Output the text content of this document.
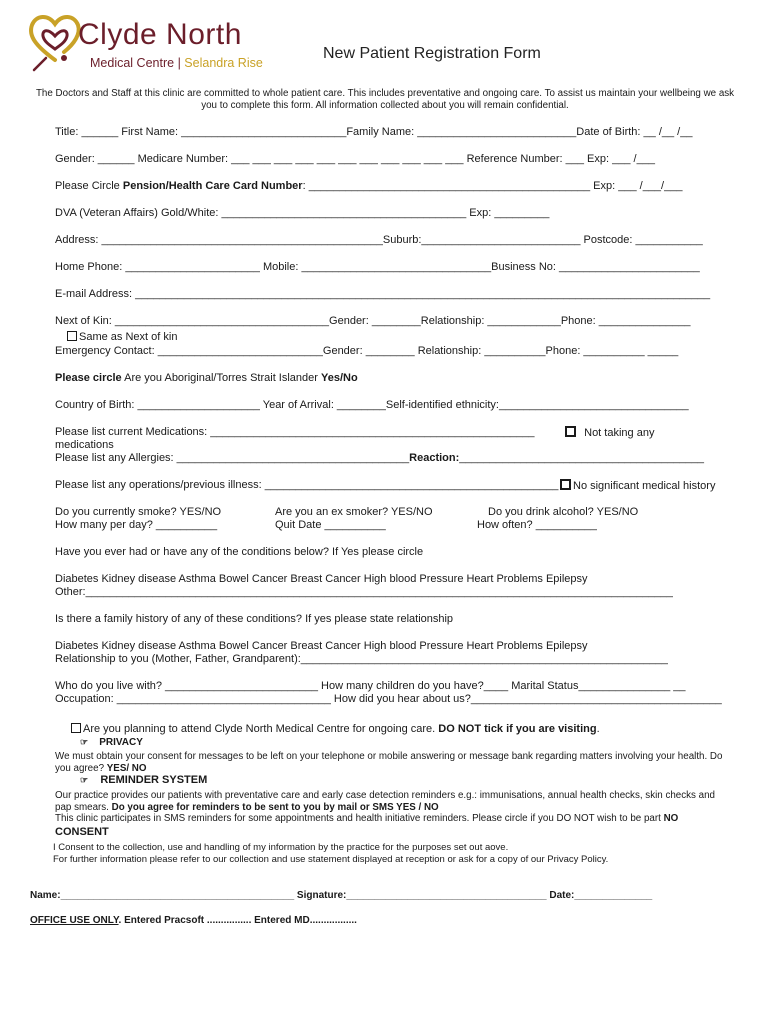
Clyde North
Medical Centre | Selandra Rise
New Patient Registration Form
The Doctors and Staff at this clinic are committed to whole patient care. This includes preventative and ongoing care. To assist us maintain your wellbeing we ask you to complete this form. All information collected about you will remain confidential.
Title: ______ First Name: ___________________________Family Name: __________________________Date of Birth: __ /__ /__
Gender: ______ Medicare Number: ___ ___ ___ ___ ___ ___ ___ ___ ___ ___ ___ Reference Number: ___ Exp: ___ /___
Please Circle Pension/Health Care Card Number: ______________________________________________ Exp: ___ /___/___
DVA (Veteran Affairs) Gold/White: ________________________________________ Exp: _________
Address: ______________________________________________Suburb:__________________________ Postcode: ___________
Home Phone: ______________________ Mobile: _______________________________Business No: _______________________
E-mail Address: ______________________________________________________________________________________________
Next of Kin: ___________________________________Gender: ________Relationship: ____________Phone: _______________
Same as Next of kin
Emergency Contact: ___________________________Gender: ________ Relationship: __________Phone: __________ _____
Please circle Are you Aboriginal/Torres Strait Islander Yes/No
Country of Birth: ____________________ Year of Arrival: ________Self-identified ethnicity:_______________________________
Please list current Medications: _____________________________________________________	Not taking any
medications
Please list any Allergies: ______________________________________Reaction:________________________________________
Please list any operations/previous illness: ________________________________________________	No significant medical history
Do you currently smoke? YES/NO
How many per day? __________
Are you an ex smoker? YES/NO
Quit Date __________
Do you drink alcohol? YES/NO
How often? __________
Have you ever had or have any of the conditions below? If Yes please circle
Diabetes Kidney disease Asthma Bowel Cancer Breast Cancer High blood Pressure Heart Problems Epilepsy
Other:________________________________________________________________________________________________
Is there a family history of any of these conditions? If yes please state relationship
Diabetes Kidney disease Asthma Bowel Cancer Breast Cancer High blood Pressure Heart Problems Epilepsy
Relationship to you (Mother, Father, Grandparent):____________________________________________________________
Who do you live with? _________________________ How many children do you have?____ Marital Status_______________ __
Occupation: ___________________________________ How did you hear about us?_________________________________________
Are you planning to attend Clyde North Medical Centre for ongoing care. DO NOT tick if you are visiting.
☞ PRIVACY
We must obtain your consent for messages to be left on your telephone or mobile answering or message bank regarding matters involving your health. Do you agree? YES/ NO
☞ REMINDER SYSTEM
Our practice provides our patients with preventative care and early case detection reminders e.g.: immunisations, annual health checks, skin checks and pap smears. Do you agree for reminders to be sent to you by mail or SMS YES / NO
This clinic participates in SMS reminders for some appointments and health initiative reminders. Please circle if you DO NOT wish to be part NO
CONSENT
I Consent to the collection, use and handling of my information by the practice for the purposes set out aove.
For further information please refer to our collection and use statement displayed at reception or ask for a copy of our Privacy Policy.
Name:__________________________________________ Signature:____________________________________ Date:______________
OFFICE USE ONLY. Entered Pracsoft ................ Entered MD.................
